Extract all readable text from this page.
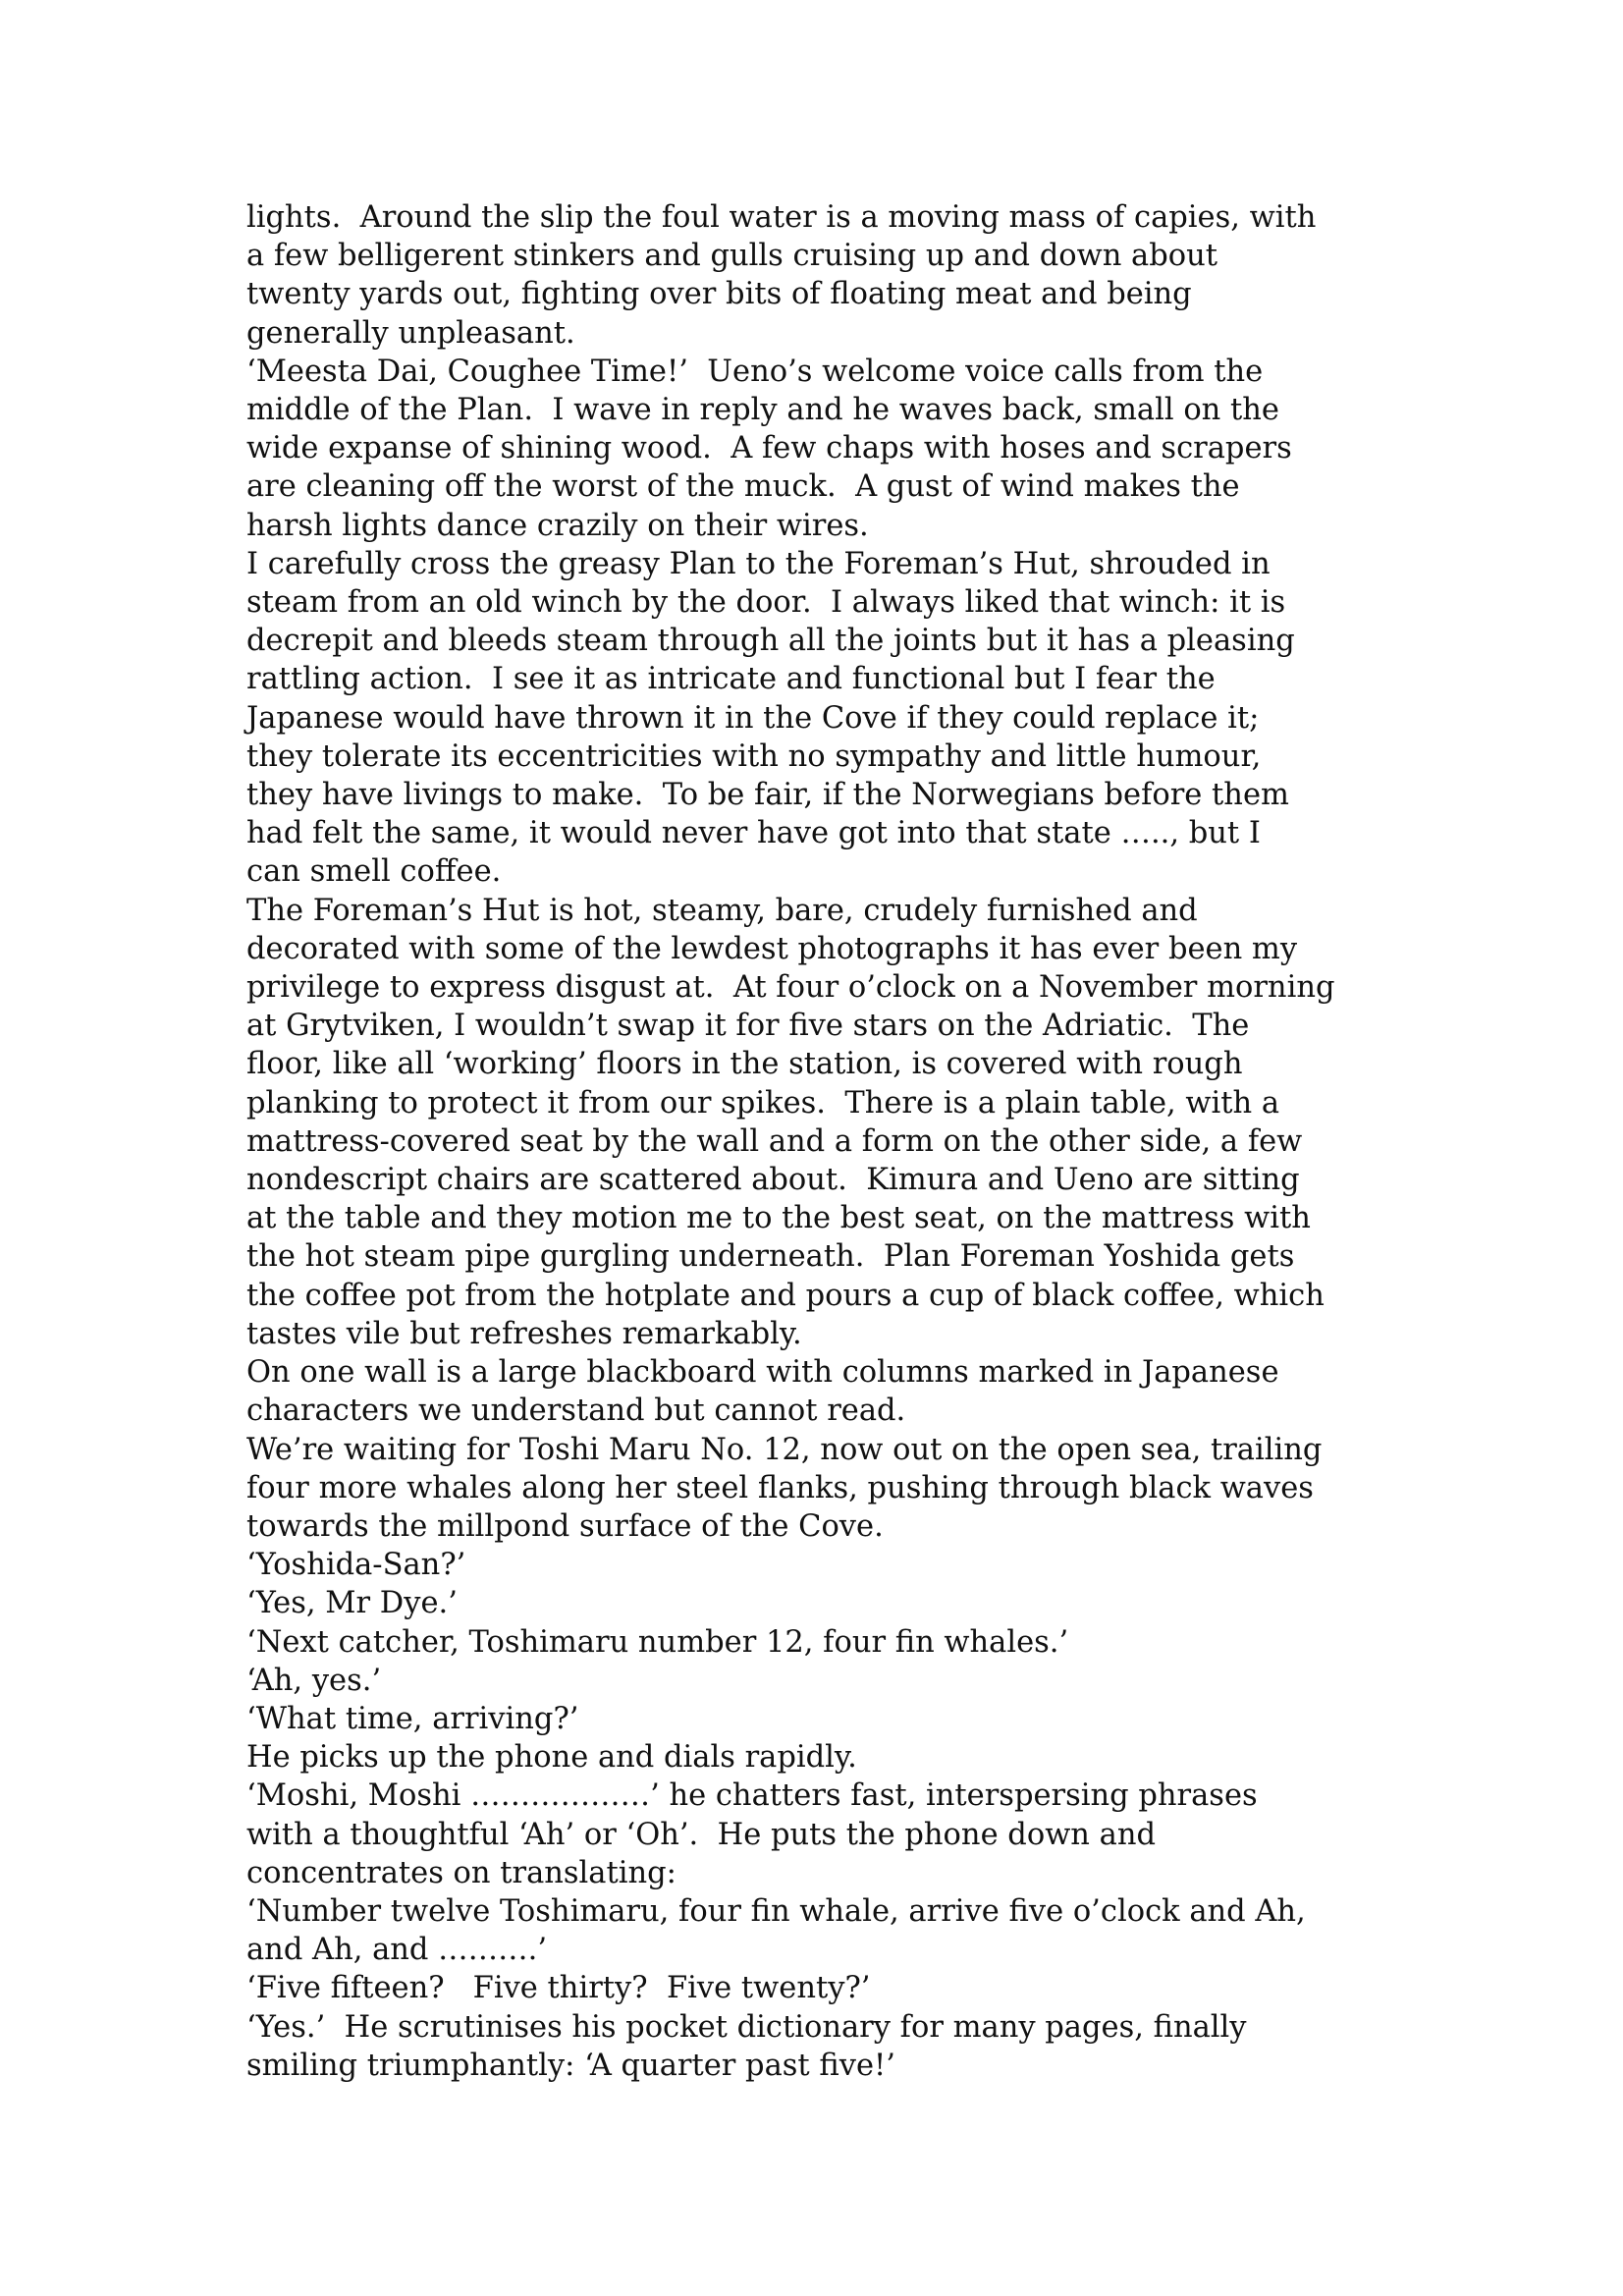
lights.  Around the slip the foul water is a moving mass of capies, with
a few belligerent stinkers and gulls cruising up and down about
twenty yards out, fighting over bits of floating meat and being
generally unpleasant.

‘Meesta Dai, Coughee Time!’  Ueno’s welcome voice calls from the
middle of the Plan.  I wave in reply and he waves back, small on the
wide expanse of shining wood.  A few chaps with hoses and scrapers
are cleaning off the worst of the muck.  A gust of wind makes the
harsh lights dance crazily on their wires.

I carefully cross the greasy Plan to the Foreman’s Hut, shrouded in
steam from an old winch by the door.  I always liked that winch: it is
decrepit and bleeds steam through all the joints but it has a pleasing
rattling action.  I see it as intricate and functional but I fear the
Japanese would have thrown it in the Cove if they could replace it;
they tolerate its eccentricities with no sympathy and little humour,
they have livings to make.  To be fair, if the Norwegians before them
had felt the same, it would never have got into that state ….., but I
can smell coffee.

The Foreman’s Hut is hot, steamy, bare, crudely furnished and
decorated with some of the lewdest photographs it has ever been my
privilege to express disgust at.  At four o’clock on a November morning
at Grytviken, I wouldn’t swap it for five stars on the Adriatic.  The
floor, like all ‘working’ floors in the station, is covered with rough
planking to protect it from our spikes.  There is a plain table, with a
mattress-covered seat by the wall and a form on the other side, a few
nondescript chairs are scattered about.  Kimura and Ueno are sitting
at the table and they motion me to the best seat, on the mattress with
the hot steam pipe gurgling underneath.  Plan Foreman Yoshida gets
the coffee pot from the hotplate and pours a cup of black coffee, which
tastes vile but refreshes remarkably.

On one wall is a large blackboard with columns marked in Japanese
characters we understand but cannot read.

We’re waiting for Toshi Maru No. 12, now out on the open sea, trailing
four more whales along her steel flanks, pushing through black waves
towards the millpond surface of the Cove.

‘Yoshida-San?’

‘Yes, Mr Dye.’

‘Next catcher, Toshimaru number 12, four fin whales.’

‘Ah, yes.’

‘What time, arriving?’

He picks up the phone and dials rapidly.

‘Moshi, Moshi ………………’ he chatters fast, interspersing phrases
with a thoughtful ‘Ah’ or ‘Oh’.  He puts the phone down and
concentrates on translating:

‘Number twelve Toshimaru, four fin whale, arrive five o’clock and Ah,
and Ah, and ……….’

‘Five fifteen?   Five thirty?  Five twenty?’

‘Yes.’  He scrutinises his pocket dictionary for many pages, finally
smiling triumphantly: ‘A quarter past five!’
